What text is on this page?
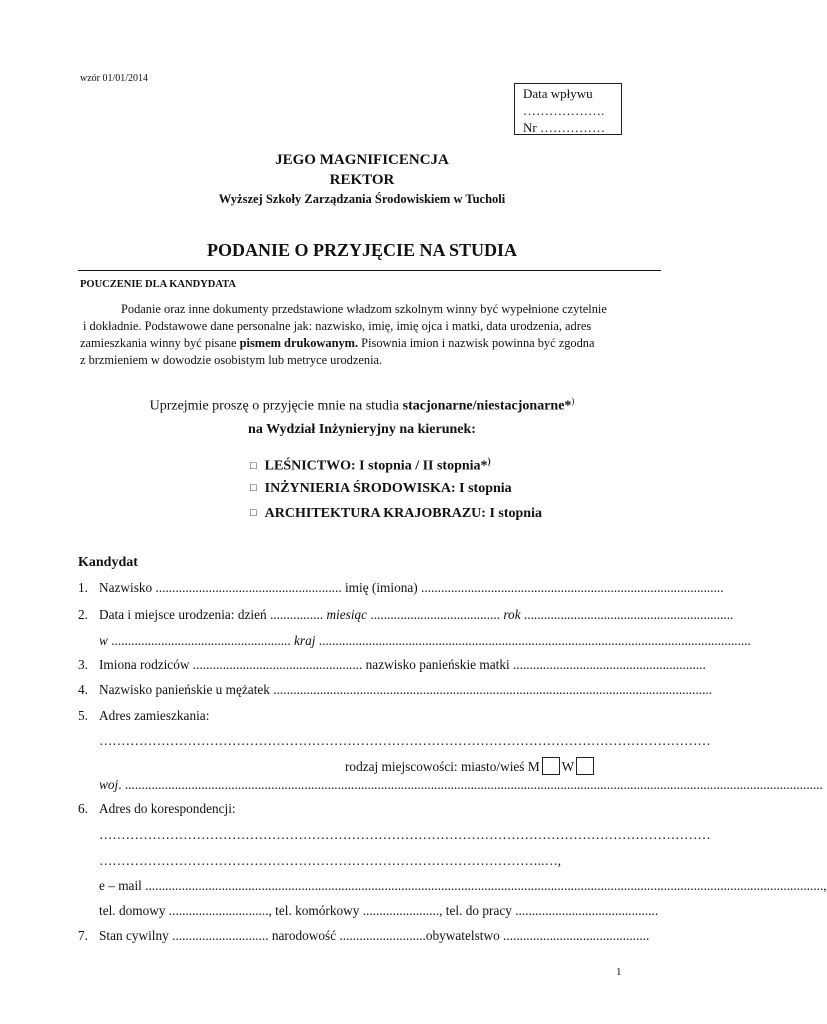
wzór 01/01/2014
Data wpływu
……………….
Nr ……………
JEGO MAGNIFICENCJA
REKTOR
Wyższej Szkoły Zarządzania Środowiskiem w Tucholi
PODANIE O PRZYJĘCIE NA STUDIA
POUCZENIE DLA KANDYDATA
Podanie oraz inne dokumenty przedstawione władzom szkolnym winny być wypełnione czytelnie
i dokładnie. Podstawowe dane personalne jak: nazwisko, imię, imię ojca i matki, data urodzenia, adres
zamieszkania winny być pisane pismem drukowanym. Pisownia imion i nazwisk powinna być zgodna
z brzmieniem w dowodzie osobistym lub metryce urodzenia.
Uprzejmie proszę o przyjęcie mnie na studia stacjonarne/niestacjonarne*)
na Wydział Inżynieryjny na kierunek:
□ LEŚNICTWO: I stopnia / II stopnia*)
□ INŻYNIERIA ŚRODOWISKA: I stopnia
□ ARCHITEKTURA KRAJOBRAZU: I stopnia
Kandydat
1. Nazwisko ........................................................ imię (imiona) ...........................................................................................
2. Data i miejsce urodzenia: dzień ................ miesiąc ....................................... rok ...............................................................
w ...................................................... kraj ..................................................................................................................................
3. Imiona rodziców ................................................... nazwisko panieńskie matki ..........................................................
4. Nazwisko panieńskie u mężatek ....................................................................................................................................
5. Adres zamieszkania:
…………………………………………………………………………………………………………………………
rodzaj miejscowości: miasto/wieś M W
woj. ..................................................................................................................................................................................................................
6. Adres do korespondencji:
…………………………………………………………………………………………………………………………
………………………………………………………………………………………..…,
e – mail ............................................................................................................................................................................................................,
tel. domowy .............................., tel. komórkowy ......................., tel. do pracy ...........................................
7. Stan cywilny ............................. narodowość ..........................obywatelstwo ............................................
1
